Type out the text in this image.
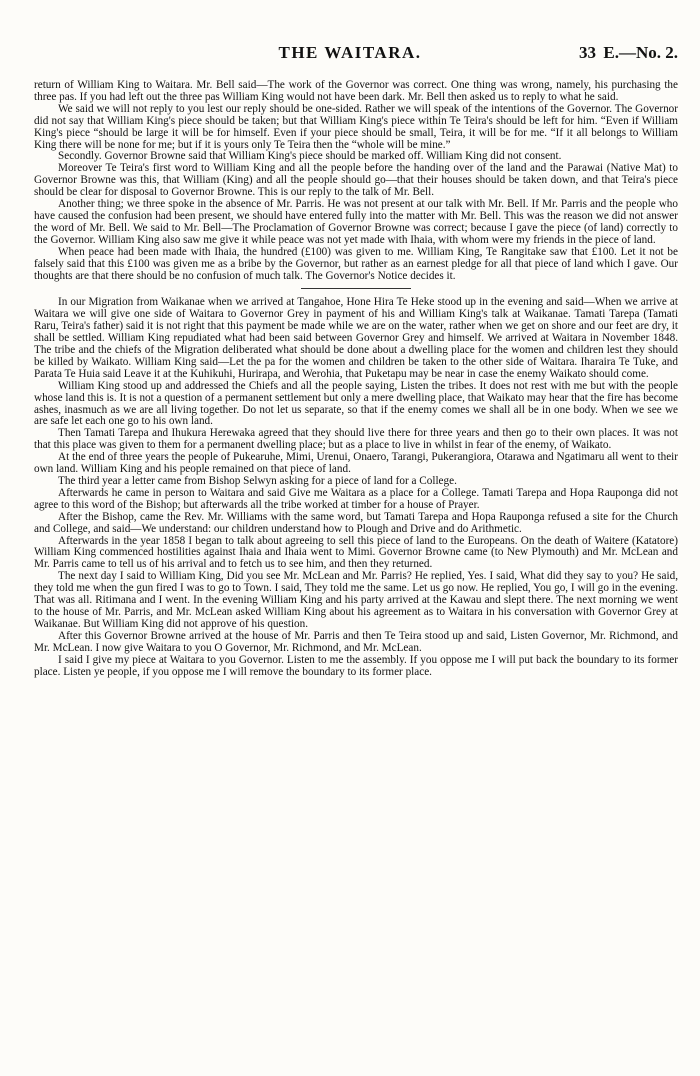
THE WAITARA.	33 E.—No. 2.

return of William King to Waitara. Mr. Bell said—The work of the Governor was correct. One thing was wrong, namely, his purchasing the three pas. If you had left out the three pas William King would not have been dark. Mr. Bell then asked us to reply to what he said.

We said we will not reply to you lest our reply should be one-sided. Rather we will speak of the intentions of the Governor. The Governor did not say that William King's piece should be taken; but that William King's piece within Te Teira's should be left for him. “Even if William King's piece “should be large it will be for himself. Even if your piece should be small, Teira, it will be for me. “If it all belongs to William King there will be none for me; but if it is yours only Te Teira then the “whole will be mine.”

Secondly. Governor Browne said that William King's piece should be marked off. William King did not consent.

Moreover Te Teira's first word to William King and all the people before the handing over of the land and the Parawai (Native Mat) to Governor Browne was this, that William (King) and all the people should go—that their houses should be taken down, and that Teira's piece should be clear for disposal to Governor Browne. This is our reply to the talk of Mr. Bell.

Another thing; we three spoke in the absence of Mr. Parris. He was not present at our talk with Mr. Bell. If Mr. Parris and the people who have caused the confusion had been present, we should have entered fully into the matter with Mr. Bell. This was the reason we did not answer the word of Mr. Bell. We said to Mr. Bell—The Proclamation of Governor Browne was correct; because I gave the piece (of land) correctly to the Governor. William King also saw me give it while peace was not yet made with Ihaia, with whom were my friends in the piece of land.

When peace had been made with Ihaia, the hundred (£100) was given to me. William King, Te Rangitake saw that £100. Let it not be falsely said that this £100 was given me as a bribe by the Governor, but rather as an earnest pledge for all that piece of land which I gave. Our thoughts are that there should be no confusion of much talk. The Governor's Notice decides it.

In our Migration from Waikanae when we arrived at Tangahoe, Hone Hira Te Heke stood up in the evening and said—When we arrive at Waitara we will give one side of Waitara to Governor Grey in payment of his and William King's talk at Waikanae. Tamati Tarepa (Tamati Raru, Teira's father) said it is not right that this payment be made while we are on the water, rather when we get on shore and our feet are dry, it shall be settled. William King repudiated what had been said between Governor Grey and himself. We arrived at Waitara in November 1848. The tribe and the chiefs of the Migration deliberated what should be done about a dwelling place for the women and children lest they should be killed by Waikato. William King said—Let the pa for the women and children be taken to the other side of Waitara. Iharaira Te Tuke, and Parata Te Huia said Leave it at the Kuhikuhi, Hurirapa, and Werohia, that Puketapu may be near in case the enemy Waikato should come.

William King stood up and addressed the Chiefs and all the people saying, Listen the tribes. It does not rest with me but with the people whose land this is. It is not a question of a permanent settlement but only a mere dwelling place, that Waikato may hear that the fire has become ashes, inasmuch as we are all living together. Do not let us separate, so that if the enemy comes we shall all be in one body. When we see we are safe let each one go to his own land.

Then Tamati Tarepa and Ihukura Herewaka agreed that they should live there for three years and then go to their own places. It was not that this place was given to them for a permanent dwelling place; but as a place to live in whilst in fear of the enemy, of Waikato.

At the end of three years the people of Pukearuhe, Mimi, Urenui, Onaero, Tarangi, Pukerangiora, Otarawa and Ngatimaru all went to their own land. William King and his people remained on that piece of land.

The third year a letter came from Bishop Selwyn asking for a piece of land for a College.

Afterwards he came in person to Waitara and said Give me Waitara as a place for a College. Tamati Tarepa and Hopa Rauponga did not agree to this word of the Bishop; but afterwards all the tribe worked at timber for a house of Prayer.

After the Bishop, came the Rev. Mr. Williams with the same word, but Tamati Tarepa and Hopa Rauponga refused a site for the Church and College, and said—We understand: our children understand how to Plough and Drive and do Arithmetic.

Afterwards in the year 1858 I began to talk about agreeing to sell this piece of land to the Europeans. On the death of Waitere (Katatore) William King commenced hostilities against Ihaia and Ihaia went to Mimi. Governor Browne came (to New Plymouth) and Mr. McLean and Mr. Parris came to tell us of his arrival and to fetch us to see him, and then they returned.

The next day I said to William King, Did you see Mr. McLean and Mr. Parris? He replied, Yes. I said, What did they say to you? He said, they told me when the gun fired I was to go to Town. I said, They told me the same. Let us go now. He replied, You go, I will go in the evening. That was all. Ritimana and I went. In the evening William King and his party arrived at the Kawau and slept there. The next morning we went to the house of Mr. Parris, and Mr. McLean asked William King about his agreement as to Waitara in his conversation with Governor Grey at Waikanae. But William King did not approve of his question.

After this Governor Browne arrived at the house of Mr. Parris and then Te Teira stood up and said, Listen Governor, Mr. Richmond, and Mr. McLean. I now give Waitara to you O Governor, Mr. Richmond, and Mr. McLean.

I said I give my piece at Waitara to you Governor. Listen to me the assembly. If you oppose me I will put back the boundary to its former place. Listen ye people, if you oppose me I will remove the boundary to its former place.
